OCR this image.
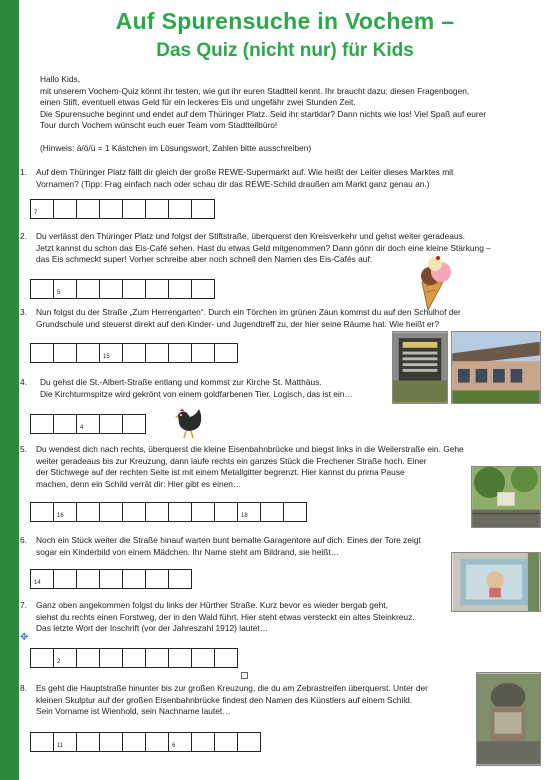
Auf Spurensuche in Vochem –
Das Quiz (nicht nur) für Kids
Hallo Kids,
mit unserem Vochem-Quiz könnt ihr testen, wie gut ihr euren Stadtteil kennt. Ihr braucht dazu: diesen Fragenbogen,
einen Stift, eventuell etwas Geld für ein leckeres Eis und ungefähr zwei Stunden Zeit.
Die Spurensuche beginnt und endet auf dem Thüringer Platz. Seid ihr startklar? Dann nichts wie los! Viel Spaß auf eurer
Tour durch Vochem wünscht euch euer Team vom Stadtteilbüro!
(Hinweis: ä/ö/ü = 1 Kästchen im Lösungswort, Zahlen bitte ausschreiben)
1. Auf dem Thüringer Platz fällt dir gleich der große REWE-Supermarkt auf. Wie heißt der Leiter dieses Marktes mit
Vornamen? (Tipp: Frag einfach nach oder schau dir das REWE-Schild draußen am Markt ganz genau an.)
7
2. Du verlässt den Thüringer Platz und folgst der Stiftstraße, überquerst den Kreisverkehr und gehst weiter geradeaus.
Jetzt kannst du schon das Eis-Café sehen. Hast du etwas Geld mitgenommen? Dann gönn dir doch eine kleine Stärkung –
das Eis schmeckt super! Vorher schreibe aber noch schnell den Namen des Eis-Cafés auf:
5
3. Nun folgst du der Straße „Zum Herrengarten“. Durch ein Törchen im grünen Zaun kommst du auf den Schulhof der
Grundschule und steuerst direkt auf den Kinder- und Jugendtreff zu, der hier seine Räume hat. Wie heißt er?
15
4. Du gehst die St.-Albert-Straße entlang und kommst zur Kirche St. Matthäus.
Die Kirchturmspitze wird gekrönt von einem goldfarbenen Tier. Logisch, das ist ein…
4
5. Du wendest dich nach rechts, überquerst die kleine Eisenbahnbrücke und biegst links in die Weilerstraße ein. Gehe
weiter geradeaus bis zur Kreuzung, dann laufe rechts ein ganzes Stück die Frechener Straße hoch. Einer
der Stichwege auf der rechten Seite ist mit einem Metallgitter begrenzt. Hier kannst du prima Pause
machen, denn ein Schild verrät dir: Hier gibt es einen…
16	18
6. Noch ein Stück weiter die Straße hinauf warten bunt bemalte Garagentore auf dich. Eines der Tore zeigt
sogar ein Kinderbild von einem Mädchen. Ihr Name steht am Bildrand, sie heißt…
14
7. Ganz oben angekommen folgst du links der Hürther Straße. Kurz bevor es wieder bergab geht,
siehst du rechts einen Forstweg, der in den Wald führt. Hier steht etwas versteckt ein altes Steinkreuz.
Das letzte Wort der Inschrift (vor der Jahreszahl 1912) lautet…
✥
2
8. Es geht die Hauptstraße hinunter bis zur großen Kreuzung, die du am Zebrastreifen überquerst. Unter der
kleinen Skulptur auf der großen Eisenbahnbrücke findest den Namen des Künstlers auf einem Schild.
Sein Vorname ist Wienhold, sein Nachname lautet…
11	6
